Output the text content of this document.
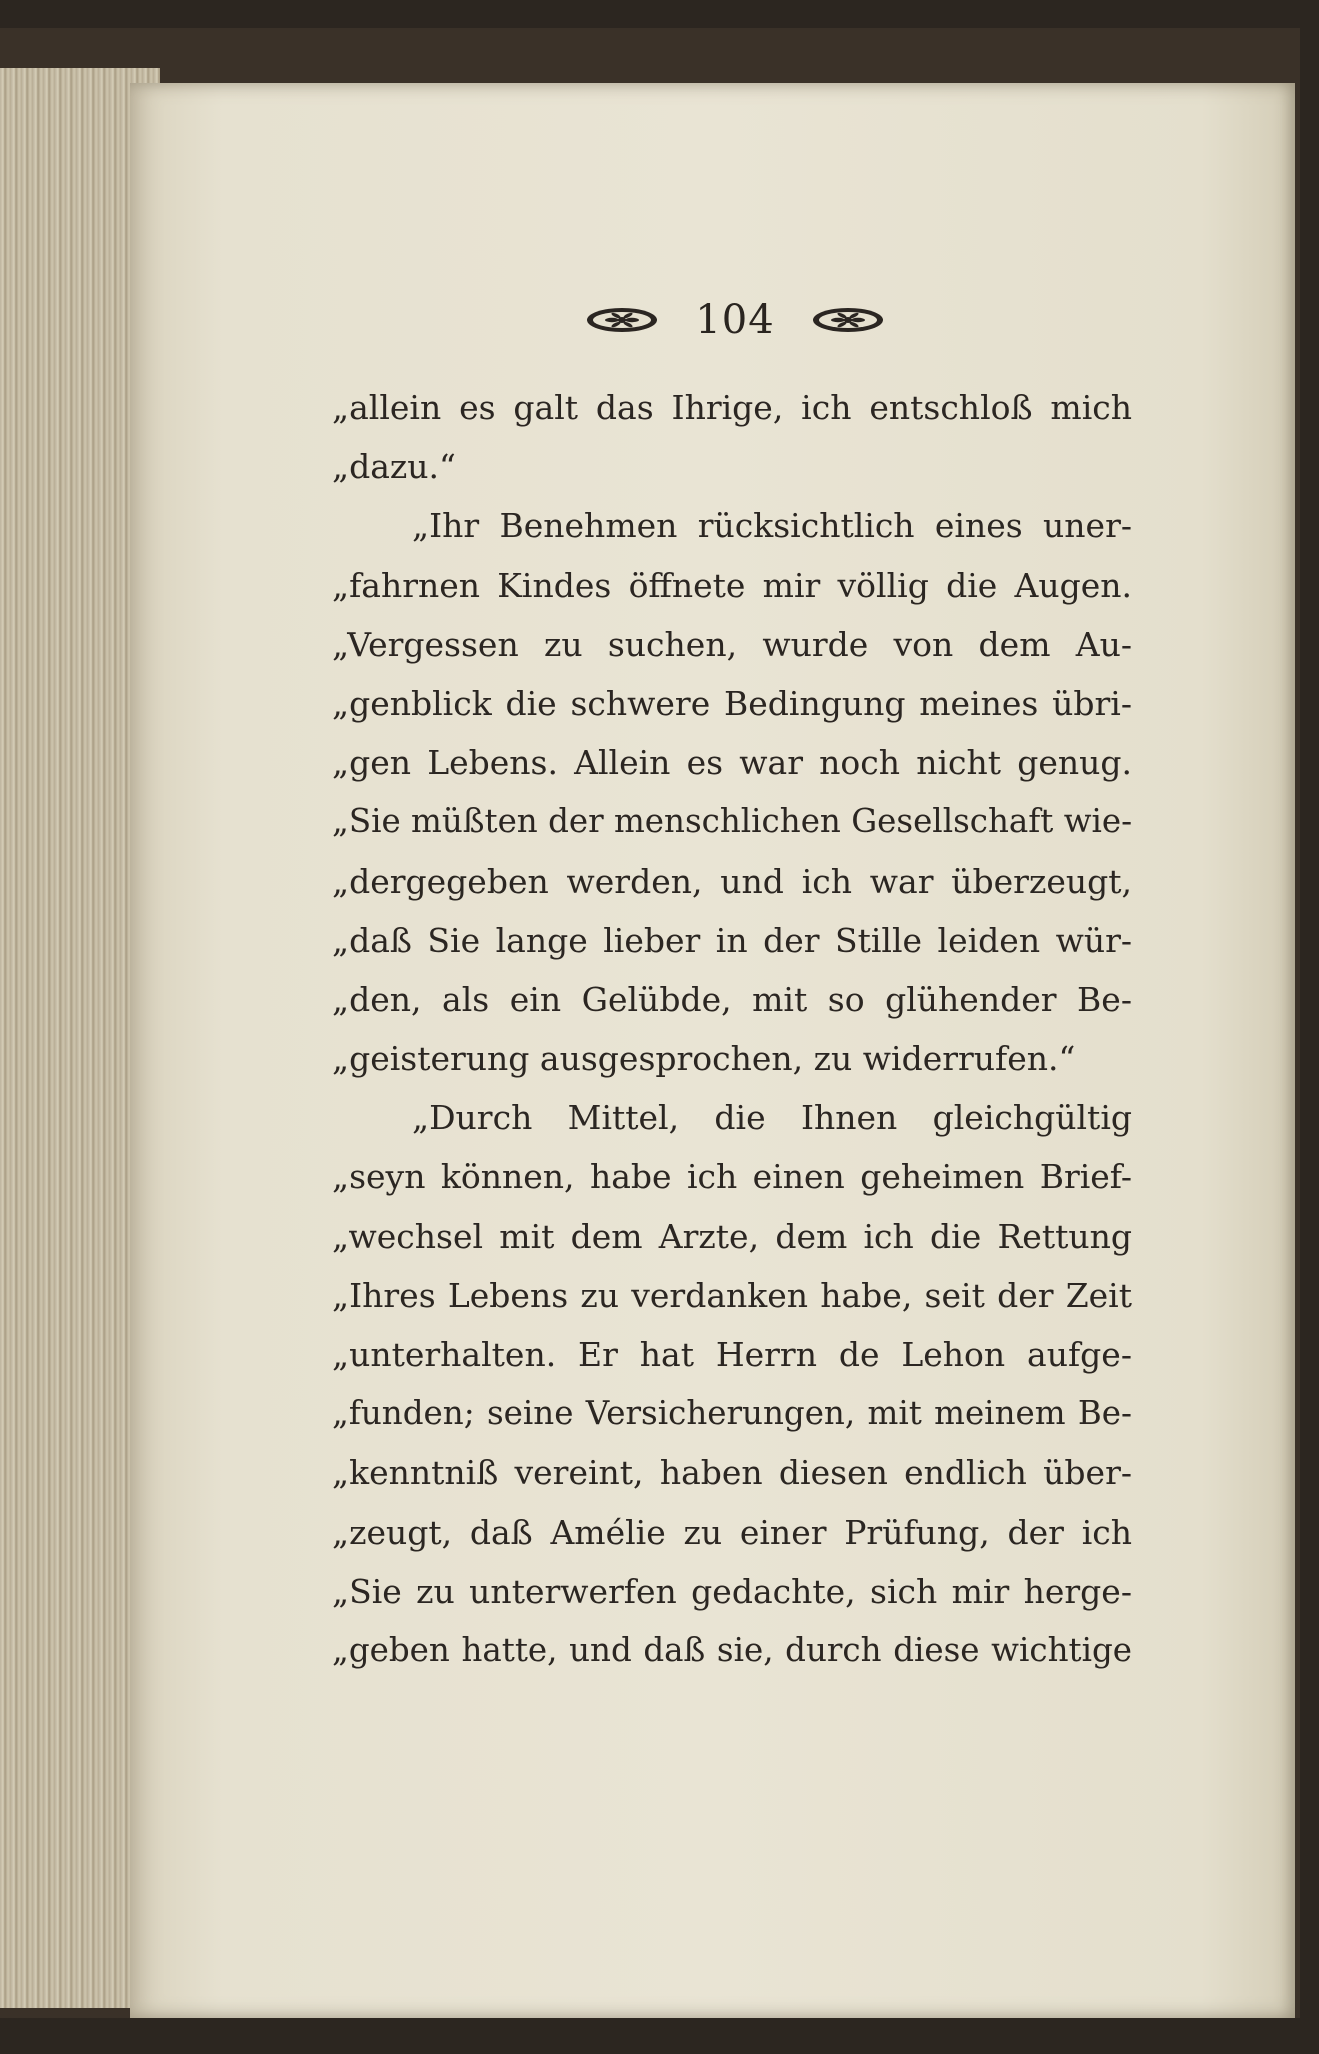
104
„allein es galt das Ihrige, ich entschloß mich
„dazu.“
„Ihr Benehmen rücksichtlich eines uner-
„fahrnen Kindes öffnete mir völlig die Augen.
„Vergessen zu suchen, wurde von dem Au-
„genblick die schwere Bedingung meines übri-
„gen Lebens. Allein es war noch nicht genug.
„Sie müßten der menschlichen Gesellschaft wie-
„dergegeben werden, und ich war überzeugt,
„daß Sie lange lieber in der Stille leiden wür-
„den, als ein Gelübde, mit so glühender Be-
„geisterung ausgesprochen, zu widerrufen.“
„Durch Mittel, die Ihnen gleichgültig
„seyn können, habe ich einen geheimen Brief-
„wechsel mit dem Arzte, dem ich die Rettung
„Ihres Lebens zu verdanken habe, seit der Zeit
„unterhalten. Er hat Herrn de Lehon aufge-
„funden; seine Versicherungen, mit meinem Be-
„kenntniß vereint, haben diesen endlich über-
„zeugt, daß Amélie zu einer Prüfung, der ich
„Sie zu unterwerfen gedachte, sich mir herge-
„geben hatte, und daß sie, durch diese wichtige
